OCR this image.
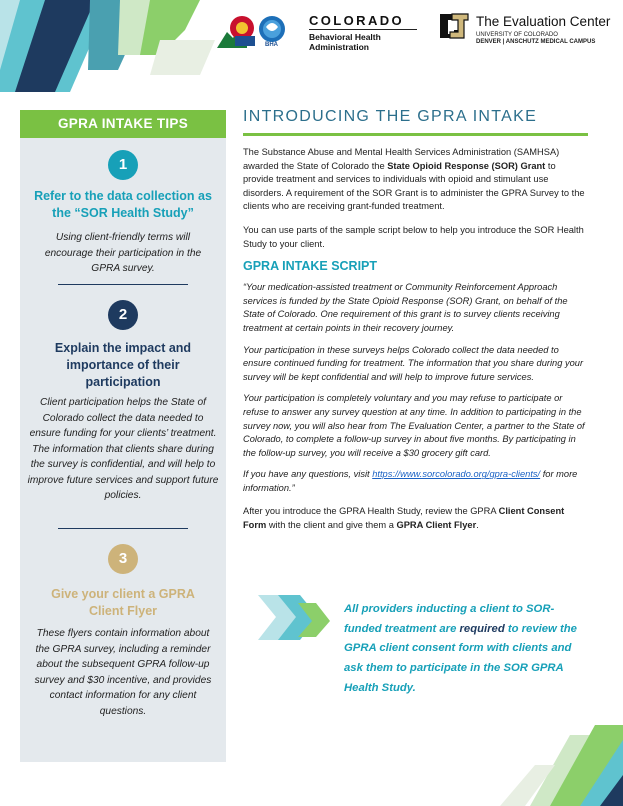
BHA
COLORADO
Behavioral Health
Administration
The Evaluation Center
UNIVERSITY OF COLORADO
DENVER | ANSCHUTZ MEDICAL CAMPUS
GPRA INTAKE TIPS
1
Refer to the data collection as the “SOR Health Study”
Using client-friendly terms will encourage their participation in the GPRA survey.
2
Explain the impact and importance of their participation
Client participation helps the State of Colorado collect the data needed to ensure funding for your clients’ treatment. The information that clients share during the survey is confidential, and will help to improve future services and support future policies.
3
Give your client a GPRA Client Flyer
These flyers contain information about the GPRA survey, including a reminder about the subsequent GPRA follow-up survey and $30 incentive, and provides contact information for any client questions.
INTRODUCING THE GPRA INTAKE

The Substance Abuse and Mental Health Services Administration (SAMHSA) awarded the State of Colorado the State Opioid Response (SOR) Grant to provide treatment and services to individuals with opioid and stimulant use disorders. A requirement of the SOR Grant is to administer the GPRA Survey to the clients who are receiving grant-funded treatment.

You can use parts of the sample script below to help you introduce the SOR Health Study to your client.

GPRA INTAKE SCRIPT

“Your medication-assisted treatment or Community Reinforcement Approach services is funded by the State Opioid Response (SOR) Grant, on behalf of the State of Colorado. One requirement of this grant is to survey clients receiving treatment at certain points in their recovery journey.

Your participation in these surveys helps Colorado collect the data needed to ensure continued funding for treatment. The information that you share during your survey will be kept confidential and will help to improve future services.

Your participation is completely voluntary and you may refuse to participate or refuse to answer any survey question at any time. In addition to participating in the survey now, you will also hear from The Evaluation Center, a partner to the State of Colorado, to complete a follow-up survey in about five months. By participating in the follow-up survey, you will receive a $30 grocery gift card.

If you have any questions, visit https://www.sorcolorado.org/gpra-clients/ for more information.”

After you introduce the GPRA Health Study, review the GPRA Client Consent Form with the client and give them a GPRA Client Flyer.

All providers inducting a client to SOR-funded treatment are required to review the GPRA client consent form with clients and ask them to participate in the SOR GPRA Health Study.
